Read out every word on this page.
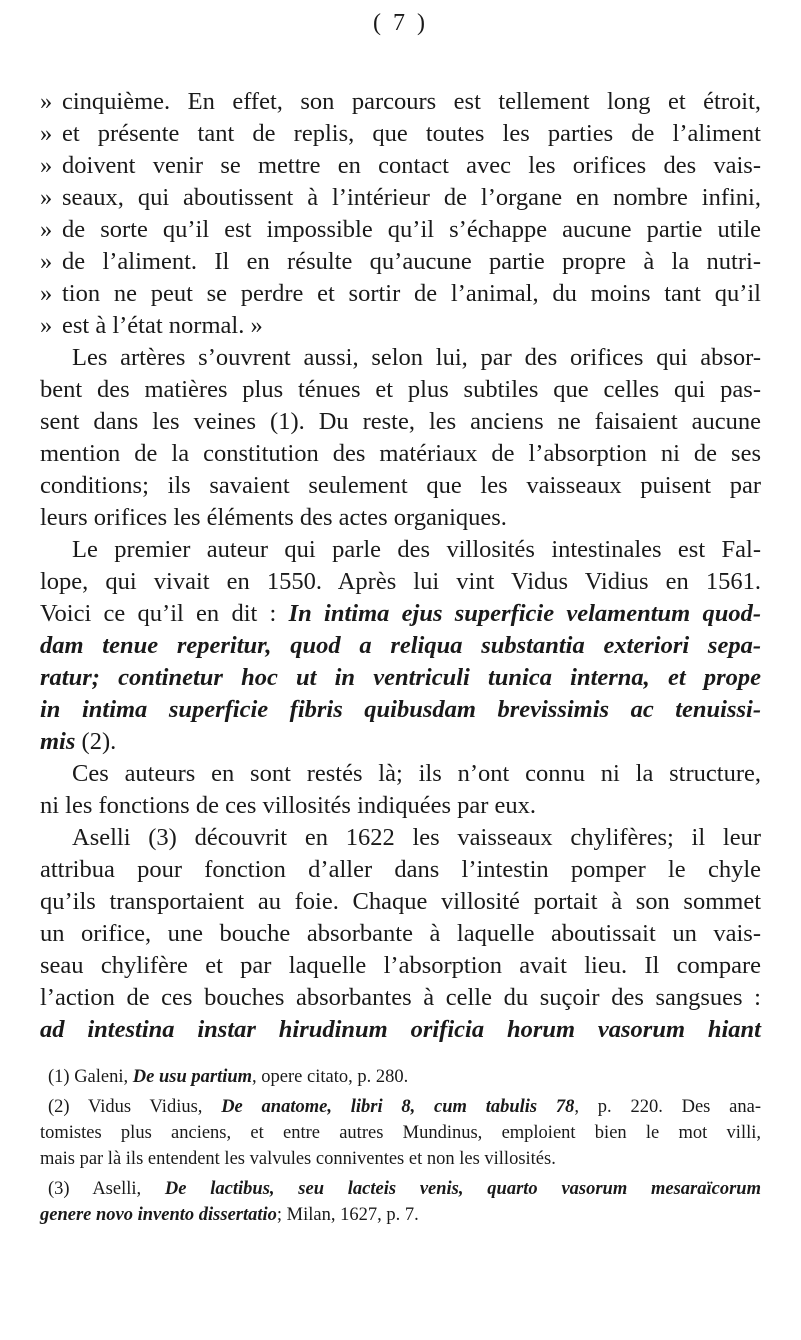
( 7 )
» cinquième. En effet, son parcours est tellement long et étroit,
» et présente tant de replis, que toutes les parties de l’aliment
» doivent venir se mettre en contact avec les orifices des vais-
» seaux, qui aboutissent à l’intérieur de l’organe en nombre infini,
» de sorte qu’il est impossible qu’il s’échappe aucune partie utile
» de l’aliment. Il en résulte qu’aucune partie propre à la nutri-
» tion ne peut se perdre et sortir de l’animal, du moins tant qu’il
» est à l’état normal. »
Les artères s’ouvrent aussi, selon lui, par des orifices qui absor-
bent des matières plus ténues et plus subtiles que celles qui pas-
sent dans les veines (1). Du reste, les anciens ne faisaient aucune
mention de la constitution des matériaux de l’absorption ni de ses
conditions; ils savaient seulement que les vaisseaux puisent par
leurs orifices les éléments des actes organiques.
Le premier auteur qui parle des villosités intestinales est Fal-
lope, qui vivait en 1550. Après lui vint Vidus Vidius en 1561.
Voici ce qu’il en dit : In intima ejus superficie velamentum quod-
dam tenue reperitur, quod a reliqua substantia exteriori sepa-
ratur; continetur hoc ut in ventriculi tunica interna, et prope
in intima superficie fibris quibusdam brevissimis ac tenuissi-
mis (2).
Ces auteurs en sont restés là; ils n’ont connu ni la structure,
ni les fonctions de ces villosités indiquées par eux.
Aselli (3) découvrit en 1622 les vaisseaux chylifères; il leur
attribua pour fonction d’aller dans l’intestin pomper le chyle
qu’ils transportaient au foie. Chaque villosité portait à son sommet
un orifice, une bouche absorbante à laquelle aboutissait un vais-
seau chylifère et par laquelle l’absorption avait lieu. Il compare
l’action de ces bouches absorbantes à celle du suçoir des sangsues :
ad intestina instar hirudinum orificia horum vasorum hiant
(1) Galeni, De usu partium, opere citato, p. 280.
(2) Vidus Vidius, De anatome, libri 8, cum tabulis 78, p. 220. Des ana-
tomistes plus anciens, et entre autres Mundinus, emploient bien le mot villi,
mais par là ils entendent les valvules conniventes et non les villosités.
(3) Aselli, De lactibus, seu lacteis venis, quarto vasorum mesaraïcorum
genere novo invento dissertatio; Milan, 1627, p. 7.
